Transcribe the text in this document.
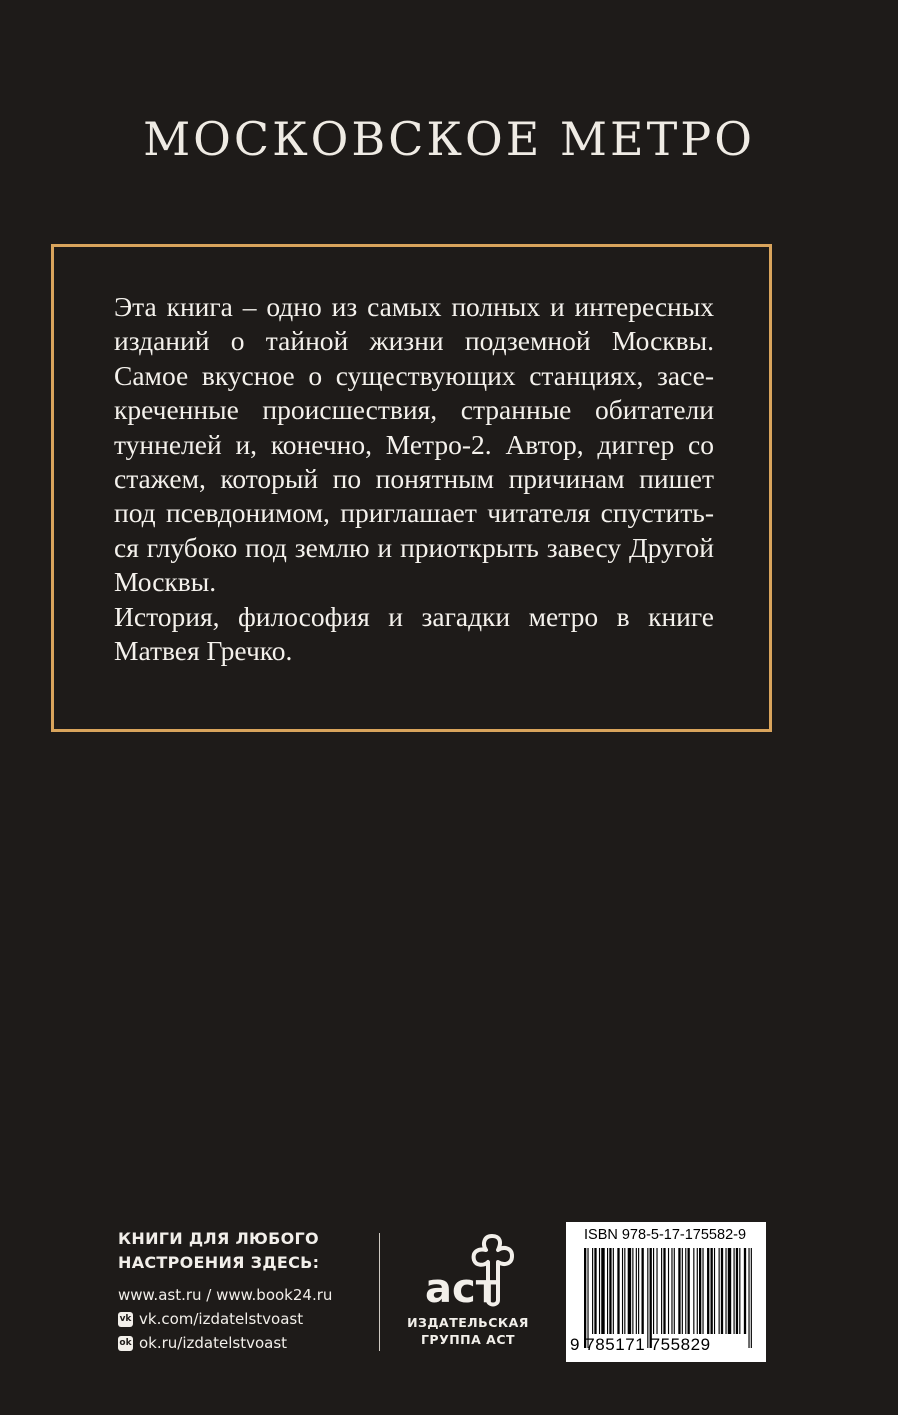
МОСКОВСКОЕ МЕТРО

Эта книга – одно из самых полных и интересных изданий о тайной жизни подземной Москвы. Самое вкусное о существующих станциях, засекреченные происшествия, странные обитатели туннелей и, конечно, Метро-2. Автор, диггер со стажем, который по понятным причинам пишет под псевдонимом, приглашает читателя спуститься глубоко под землю и приоткрыть завесу Другой Москвы.

История, философия и загадки метро в книге Матвея Гречко.

КНИГИ ДЛЯ ЛЮБОГО
НАСТРОЕНИЯ ЗДЕСЬ:
www.ast.ru / www.book24.ru
vk vk.com/izdatelstvoast
ok ok.ru/izdatelstvoast
аст
ИЗДАТЕЛЬСКАЯ
ГРУППА АСТ
ISBN 978-5-17-175582-9
9 785171 755829
